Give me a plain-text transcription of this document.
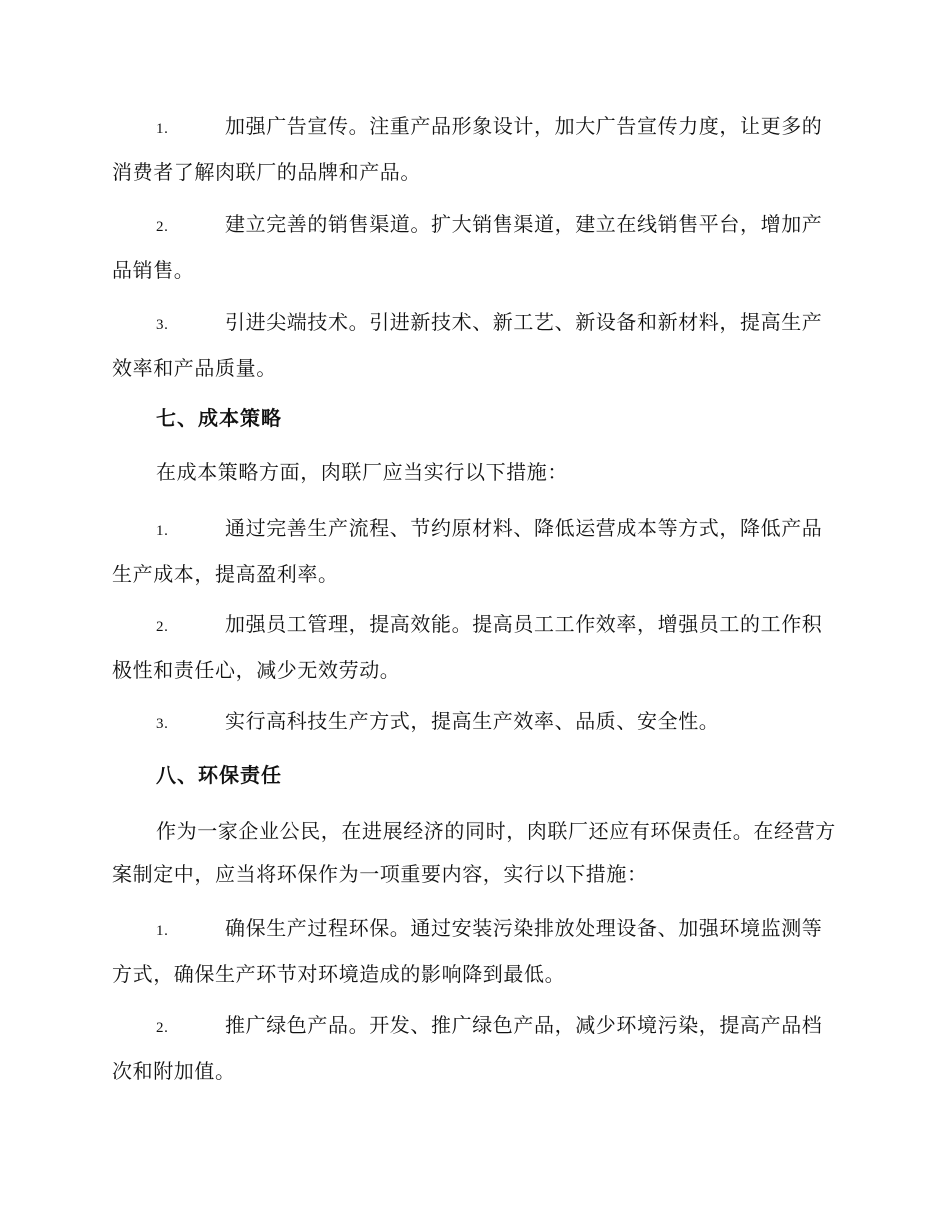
1.	加强广告宣传。注重产品形象设计，加大广告宣传力度，让更多的消费者了解肉联厂的品牌和产品。
2.	建立完善的销售渠道。扩大销售渠道，建立在线销售平台，增加产品销售。
3.	引进尖端技术。引进新技术、新工艺、新设备和新材料，提高生产效率和产品质量。
七、成本策略
在成本策略方面，肉联厂应当实行以下措施：
1.	通过完善生产流程、节约原材料、降低运营成本等方式，降低产品生产成本，提高盈利率。
2.	加强员工管理，提高效能。提高员工工作效率，增强员工的工作积极性和责任心，减少无效劳动。
3.	实行高科技生产方式，提高生产效率、品质、安全性。
八、环保责任
作为一家企业公民，在进展经济的同时，肉联厂还应有环保责任。在经营方案制定中，应当将环保作为一项重要内容，实行以下措施：
1.	确保生产过程环保。通过安装污染排放处理设备、加强环境监测等方式，确保生产环节对环境造成的影响降到最低。
2.	推广绿色产品。开发、推广绿色产品，减少环境污染，提高产品档次和附加值。
